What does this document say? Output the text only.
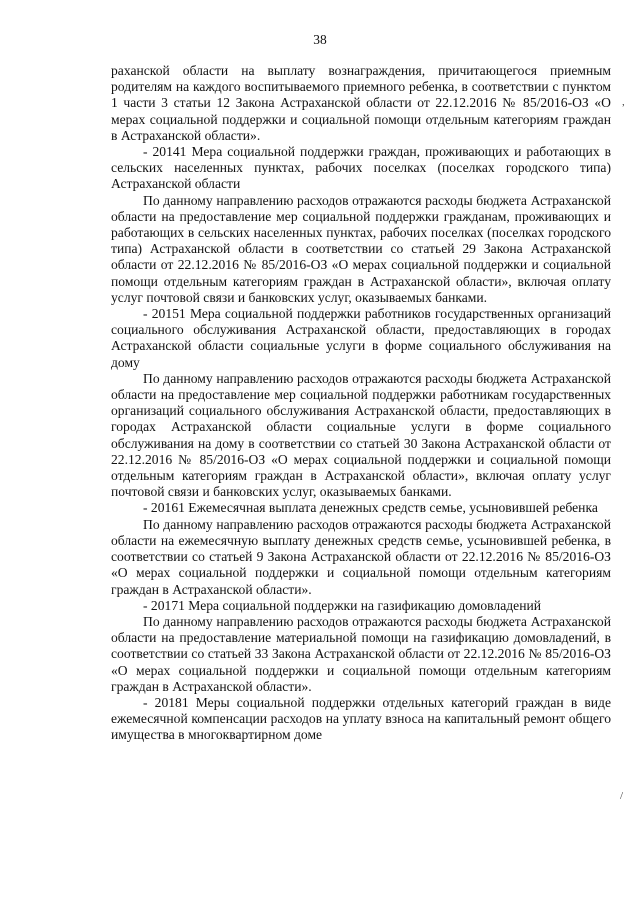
38

раханской области на выплату вознаграждения, причитающегося приемным родителям на каждого воспитываемого приемного ребенка, в соответствии с пунктом 1 части 3 статьи 12 Закона Астраханской области от 22.12.2016 № 85/2016-ОЗ «О мерах социальной поддержки и социальной помощи отдельным категориям граждан в Астраханской области».

- 20141 Мера социальной поддержки граждан, проживающих и работающих в сельских населенных пунктах, рабочих поселках (поселках городского типа) Астраханской области

По данному направлению расходов отражаются расходы бюджета Астраханской области на предоставление мер социальной поддержки гражданам, проживающих и работающих в сельских населенных пунктах, рабочих поселках (поселках городского типа) Астраханской области в соответствии со статьей 29 Закона Астраханской области от 22.12.2016 № 85/2016-ОЗ «О мерах социальной поддержки и социальной помощи отдельным категориям граждан в Астраханской области», включая оплату услуг почтовой связи и банковских услуг, оказываемых банками.

- 20151 Мера социальной поддержки работников государственных организаций социального обслуживания Астраханской области, предоставляющих в городах Астраханской области социальные услуги в форме социального обслуживания на дому

По данному направлению расходов отражаются расходы бюджета Астраханской области на предоставление мер социальной поддержки работникам государственных организаций социального обслуживания Астраханской области, предоставляющих в городах Астраханской области социальные услуги в форме социального обслуживания на дому в соответствии со статьей 30 Закона Астраханской области от 22.12.2016 № 85/2016-ОЗ «О мерах социальной поддержки и социальной помощи отдельным категориям граждан в Астраханской области», включая оплату услуг почтовой связи и банковских услуг, оказываемых банками.

- 20161 Ежемесячная выплата денежных средств семье, усыновившей ребенка

По данному направлению расходов отражаются расходы бюджета Астраханской области на ежемесячную выплату денежных средств семье, усыновившей ребенка, в соответствии со статьей 9 Закона Астраханской области от 22.12.2016 № 85/2016-ОЗ «О мерах социальной поддержки и социальной помощи отдельным категориям граждан в Астраханской области».

- 20171 Мера социальной поддержки на газификацию домовладений

По данному направлению расходов отражаются расходы бюджета Астраханской области на предоставление материальной помощи на газификацию домовладений, в соответствии со статьей 33 Закона Астраханской области от 22.12.2016 № 85/2016-ОЗ «О мерах социальной поддержки и социальной помощи отдельным категориям граждан в Астраханской области».

- 20181 Меры социальной поддержки отдельных категорий граждан в виде ежемесячной компенсации расходов на уплату взноса на капитальный ремонт общего имущества в многоквартирном доме

,
/
